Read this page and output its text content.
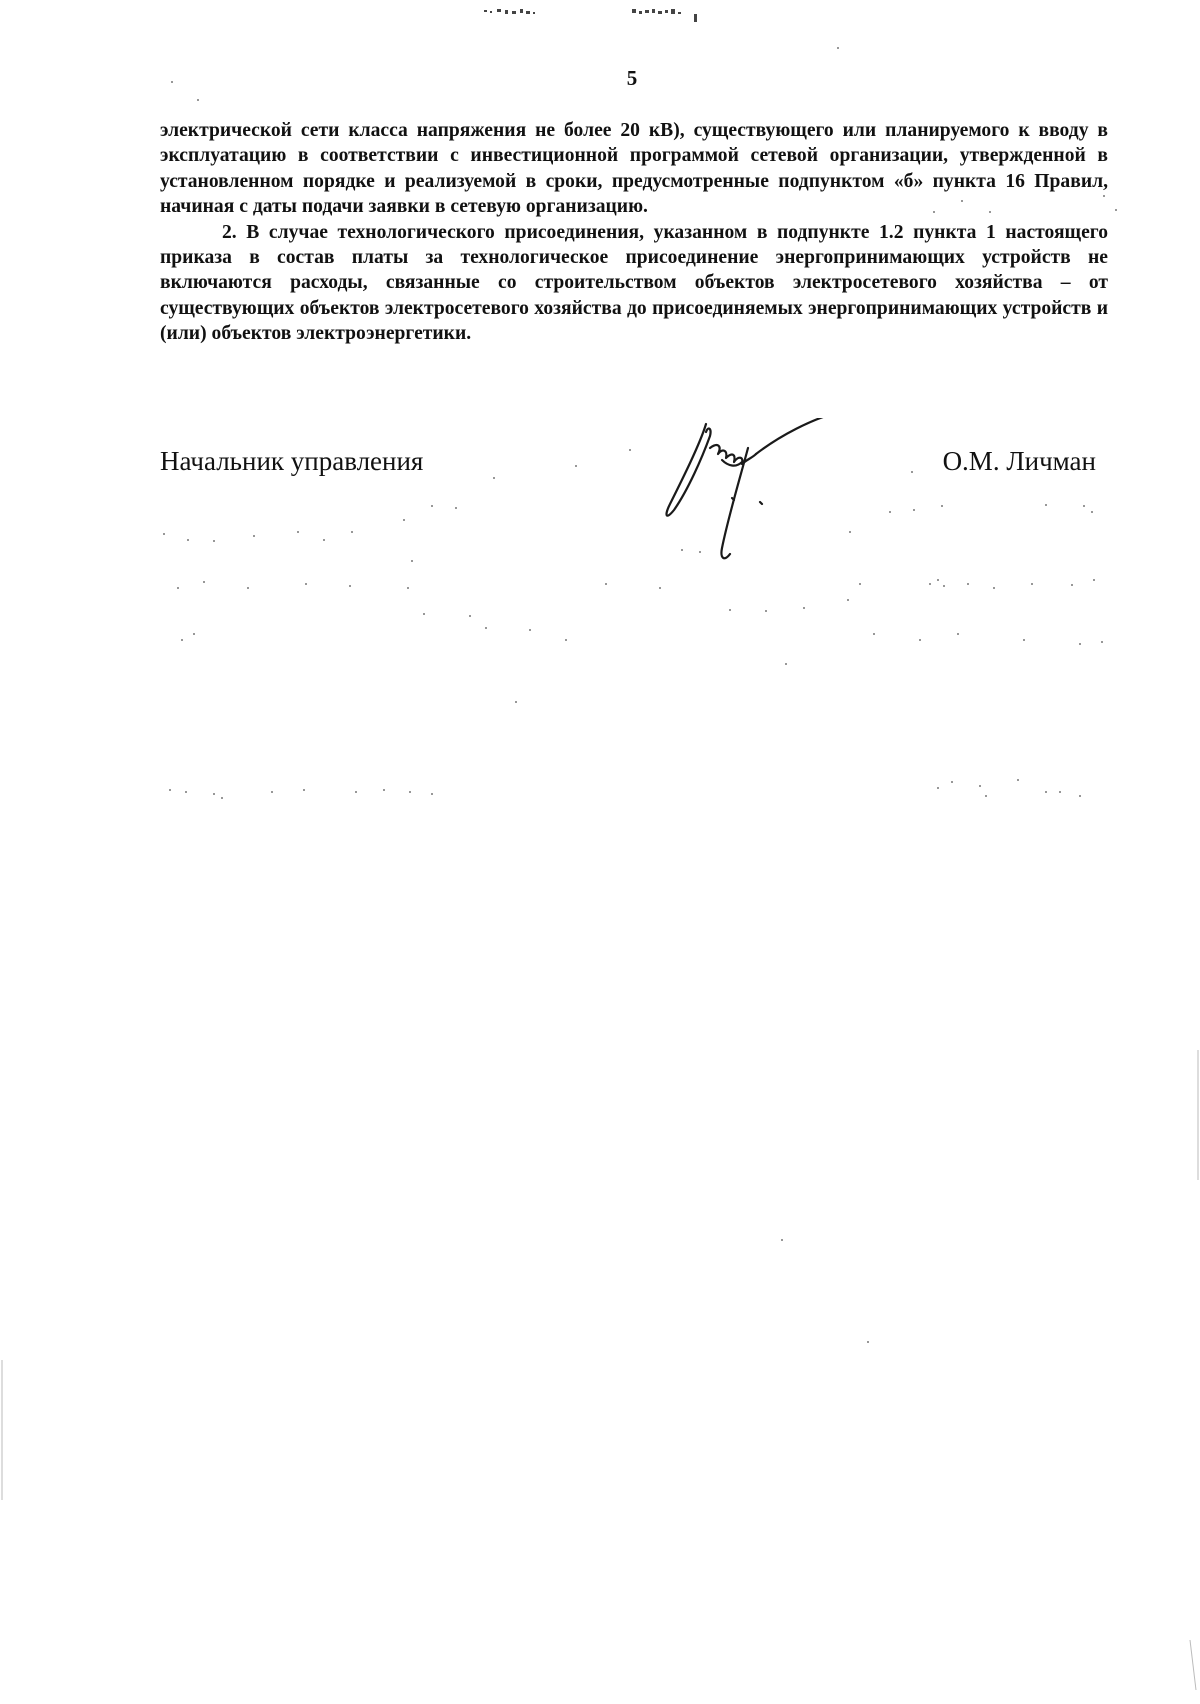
5

электрической сети класса напряжения не более 20 кВ), существующего или планируемого к вводу в эксплуатацию в соответствии с инвестиционной программой сетевой организации, утвержденной в установленном порядке и реализуемой в сроки, предусмотренные подпунктом «б» пункта 16 Правил, начиная с даты подачи заявки в сетевую организацию.

2. В случае технологического присоединения, указанном в подпункте 1.2 пункта 1 настоящего приказа в состав платы за технологическое присоединение энергопринимающих устройств не включаются расходы, связанные со строительством объектов электросетевого хозяйства – от существующих объектов электросетевого хозяйства до присоединяемых энергопринимающих устройств и (или) объектов электроэнергетики.

Начальник управления	О.М. Личман
